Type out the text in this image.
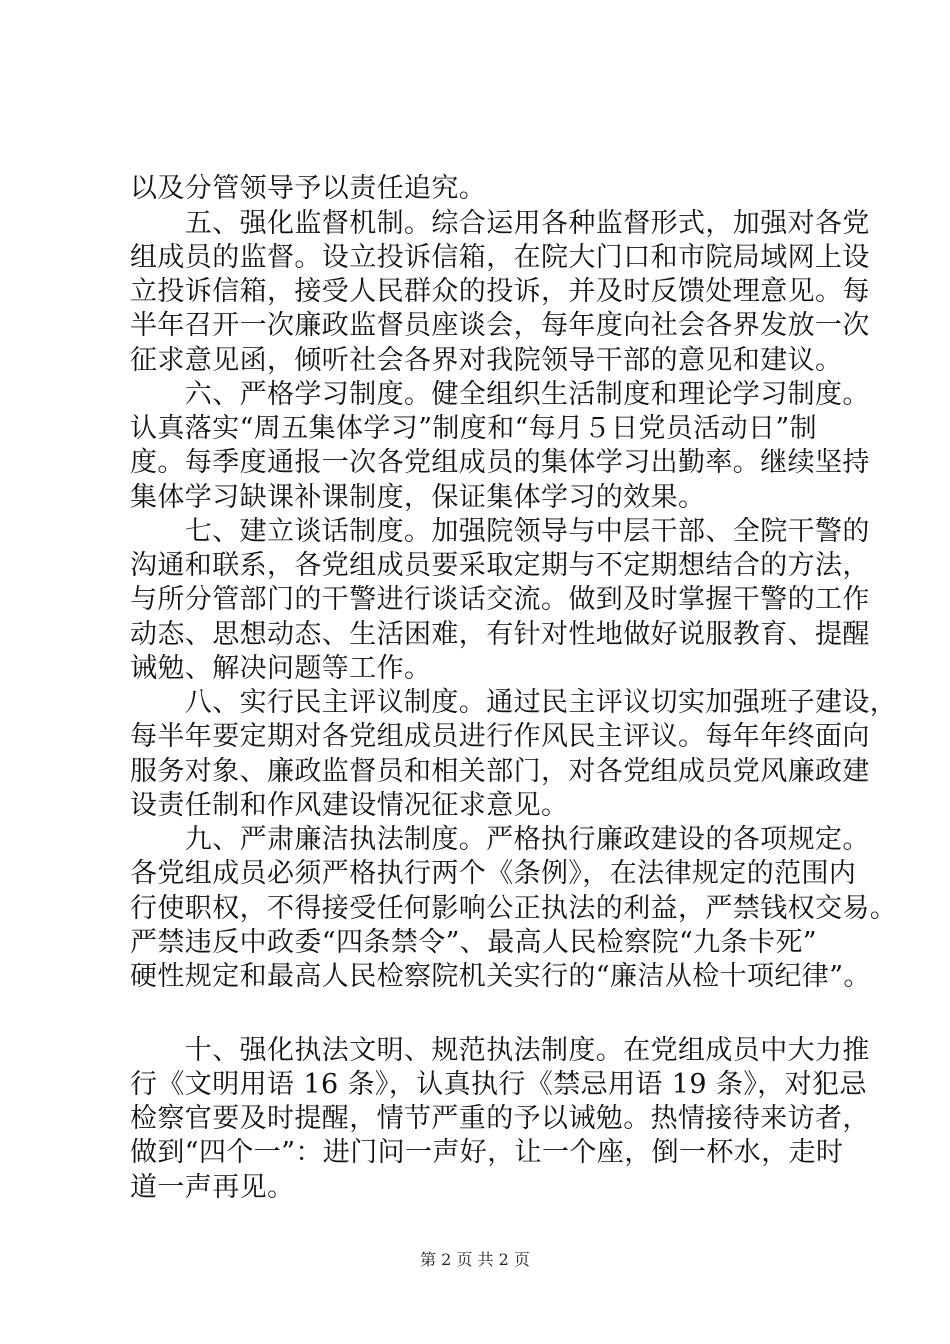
以及分管领导予以责任追究。
　　五、强化监督机制。综合运用各种监督形式，加强对各党
组成员的监督。设立投诉信箱，在院大门口和市院局域网上设
立投诉信箱，接受人民群众的投诉，并及时反馈处理意见。每
半年召开一次廉政监督员座谈会，每年度向社会各界发放一次
征求意见函，倾听社会各界对我院领导干部的意见和建议。
　　六、严格学习制度。健全组织生活制度和理论学习制度。
认真落实“周五集体学习”制度和“每月５日党员活动日”制
度。每季度通报一次各党组成员的集体学习出勤率。继续坚持
集体学习缺课补课制度，保证集体学习的效果。
　　七、建立谈话制度。加强院领导与中层干部、全院干警的
沟通和联系，各党组成员要采取定期与不定期想结合的方法，
与所分管部门的干警进行谈话交流。做到及时掌握干警的工作
动态、思想动态、生活困难，有针对性地做好说服教育、提醒
诫勉、解决问题等工作。
　　八、实行民主评议制度。通过民主评议切实加强班子建设，
每半年要定期对各党组成员进行作风民主评议。每年年终面向
服务对象、廉政监督员和相关部门，对各党组成员党风廉政建
设责任制和作风建设情况征求意见。
　　九、严肃廉洁执法制度。严格执行廉政建设的各项规定。
各党组成员必须严格执行两个《条例》，在法律规定的范围内
行使职权，不得接受任何影响公正执法的利益，严禁钱权交易。
严禁违反中政委“四条禁令”、最高人民检察院“九条卡死”
硬性规定和最高人民检察院机关实行的“廉洁从检十项纪律”。
　　十、强化执法文明、规范执法制度。在党组成员中大力推
行《文明用语 16 条》，认真执行《禁忌用语 19 条》，对犯忌
检察官要及时提醒，情节严重的予以诫勉。热情接待来访者，
做到“四个一”：进门问一声好，让一个座，倒一杯水，走时
道一声再见。
第 2 页 共 2 页
